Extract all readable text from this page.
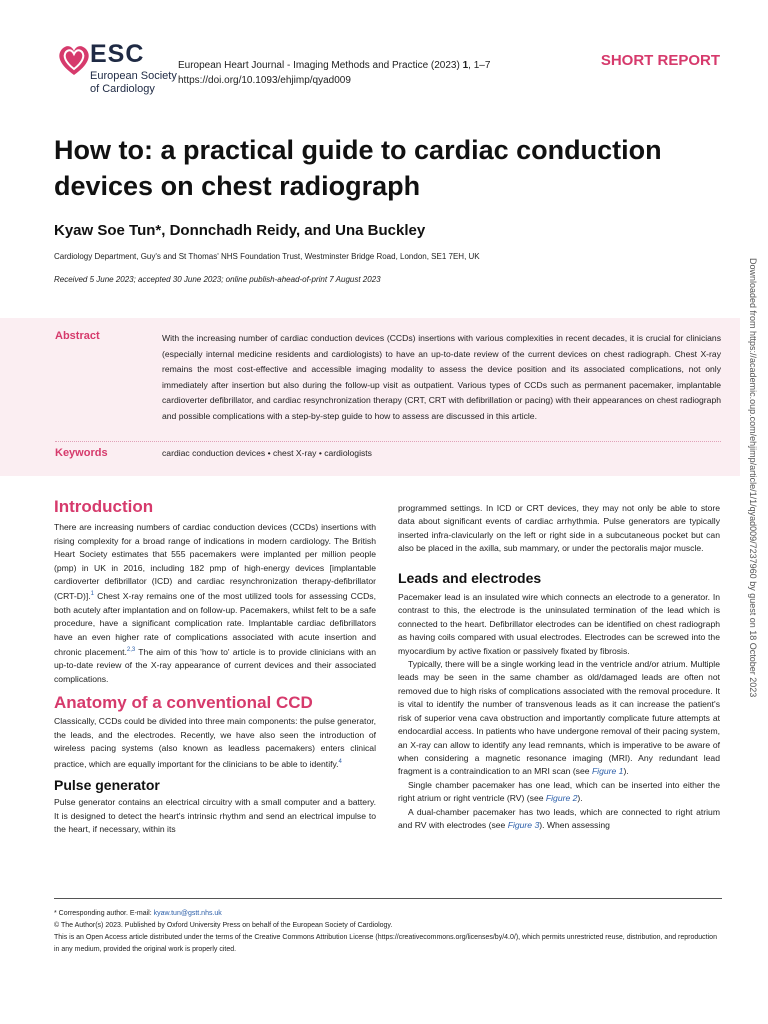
ESC
European Society
of Cardiology
European Heart Journal - Imaging Methods and Practice (2023) 1, 1–7
https://doi.org/10.1093/ehjimp/qyad009
SHORT REPORT
How to: a practical guide to cardiac conduction devices on chest radiograph
Kyaw Soe Tun*, Donnchadh Reidy, and Una Buckley
Cardiology Department, Guy's and St Thomas' NHS Foundation Trust, Westminster Bridge Road, London, SE1 7EH, UK
Received 5 June 2023; accepted 30 June 2023; online publish-ahead-of-print 7 August 2023
Abstract	With the increasing number of cardiac conduction devices (CCDs) insertions with various complexities in recent decades, it is crucial for clinicians (especially internal medicine residents and cardiologists) to have an up-to-date review of the current devices on chest radiograph. Chest X-ray remains the most cost-effective and accessible imaging modality to assess the device position and its associated complications, not only immediately after insertion but also during the follow-up visit as outpatient. Various types of CCDs such as permanent pacemaker, implantable cardioverter defibrillator, and cardiac resynchronization therapy (CRT, CRT with defibrillation or pacing) with their appearances on chest radiograph and possible complications with a step-by-step guide to how to assess are discussed in this article.
Keywords	cardiac conduction devices • chest X-ray • cardiologists
Introduction

There are increasing numbers of cardiac conduction devices (CCDs) insertions with rising complexity for a broad range of indications in modern cardiology. The British Heart Society estimates that 555 pacemakers were implanted per million people (pmp) in UK in 2016, including 182 pmp of high-energy devices [implantable cardioverter defibrillator (ICD) and cardiac resynchronization therapy-defibrillator (CRT-D)].$^1$ Chest X-ray remains one of the most utilized tools for assessing CCDs, both acutely after implantation and on follow-up. Pacemakers, whilst felt to be a safe procedure, have a significant complication rate. Implantable cardiac defibrillators have an even higher rate of complications associated with acute insertion and chronic placement.$^{2,3}$ The aim of this 'how to' article is to provide clinicians with an up-to-date review of the X-ray appearance of current devices and their associated complications.

Anatomy of a conventional CCD

Classically, CCDs could be divided into three main components: the pulse generator, the leads, and the electrodes. Recently, we have also seen the introduction of wireless pacing systems (also known as leadless pacemakers) enters clinical practice, which are equally important for the clinicians to be able to identify.$^4$

Pulse generator

Pulse generator contains an electrical circuitry with a small computer and a battery. It is designed to detect the heart's intrinsic rhythm and send an electrical impulse to the heart, if necessary, within its

programmed settings. In ICD or CRT devices, they may not only be able to store data about significant events of cardiac arrhythmia. Pulse generators are typically inserted infra-clavicularly on the left or right side in a subcutaneous pocket but can also be placed in the axilla, sub mammary, or under the pectoralis major muscle.

Leads and electrodes

Pacemaker lead is an insulated wire which connects an electrode to a generator. In contrast to this, the electrode is the uninsulated termination of the lead which is connected to the heart. Defibrillator electrodes can be identified on chest radiograph as having coils compared with usual electrodes. Electrodes can be screwed into the myocardium by active fixation or passively fixated by fibrosis.

Typically, there will be a single working lead in the ventricle and/or atrium. Multiple leads may be seen in the same chamber as old/damaged leads are often not removed due to high risks of complications associated with the removal procedure. It is vital to identify the number of transvenous leads as it can increase the patient's risk of superior vena cava obstruction and importantly complicate future attempts at endocardial access. In patients who have undergone removal of their pacing system, an X-ray can allow to identify any lead remnants, which is imperative to be aware of when considering a magnetic resonance imaging (MRI). Any redundant lead fragment is a contraindication to an MRI scan (see Figure 1).

Single chamber pacemaker has one lead, which can be inserted into either the right atrium or right ventricle (RV) (see Figure 2).

A dual-chamber pacemaker has two leads, which are connected to right atrium and RV with electrodes (see Figure 3). When assessing

* Corresponding author. E-mail: kyaw.tun@gstt.nhs.uk
© The Author(s) 2023. Published by Oxford University Press on behalf of the European Society of Cardiology.
This is an Open Access article distributed under the terms of the Creative Commons Attribution License (https://creativecommons.org/licenses/by/4.0/), which permits unrestricted reuse, distribution, and reproduction in any medium, provided the original work is properly cited.
Downloaded from https://academic.oup.com/ehjimp/article/1/1/qyad009/7237960 by guest on 18 October 2023
